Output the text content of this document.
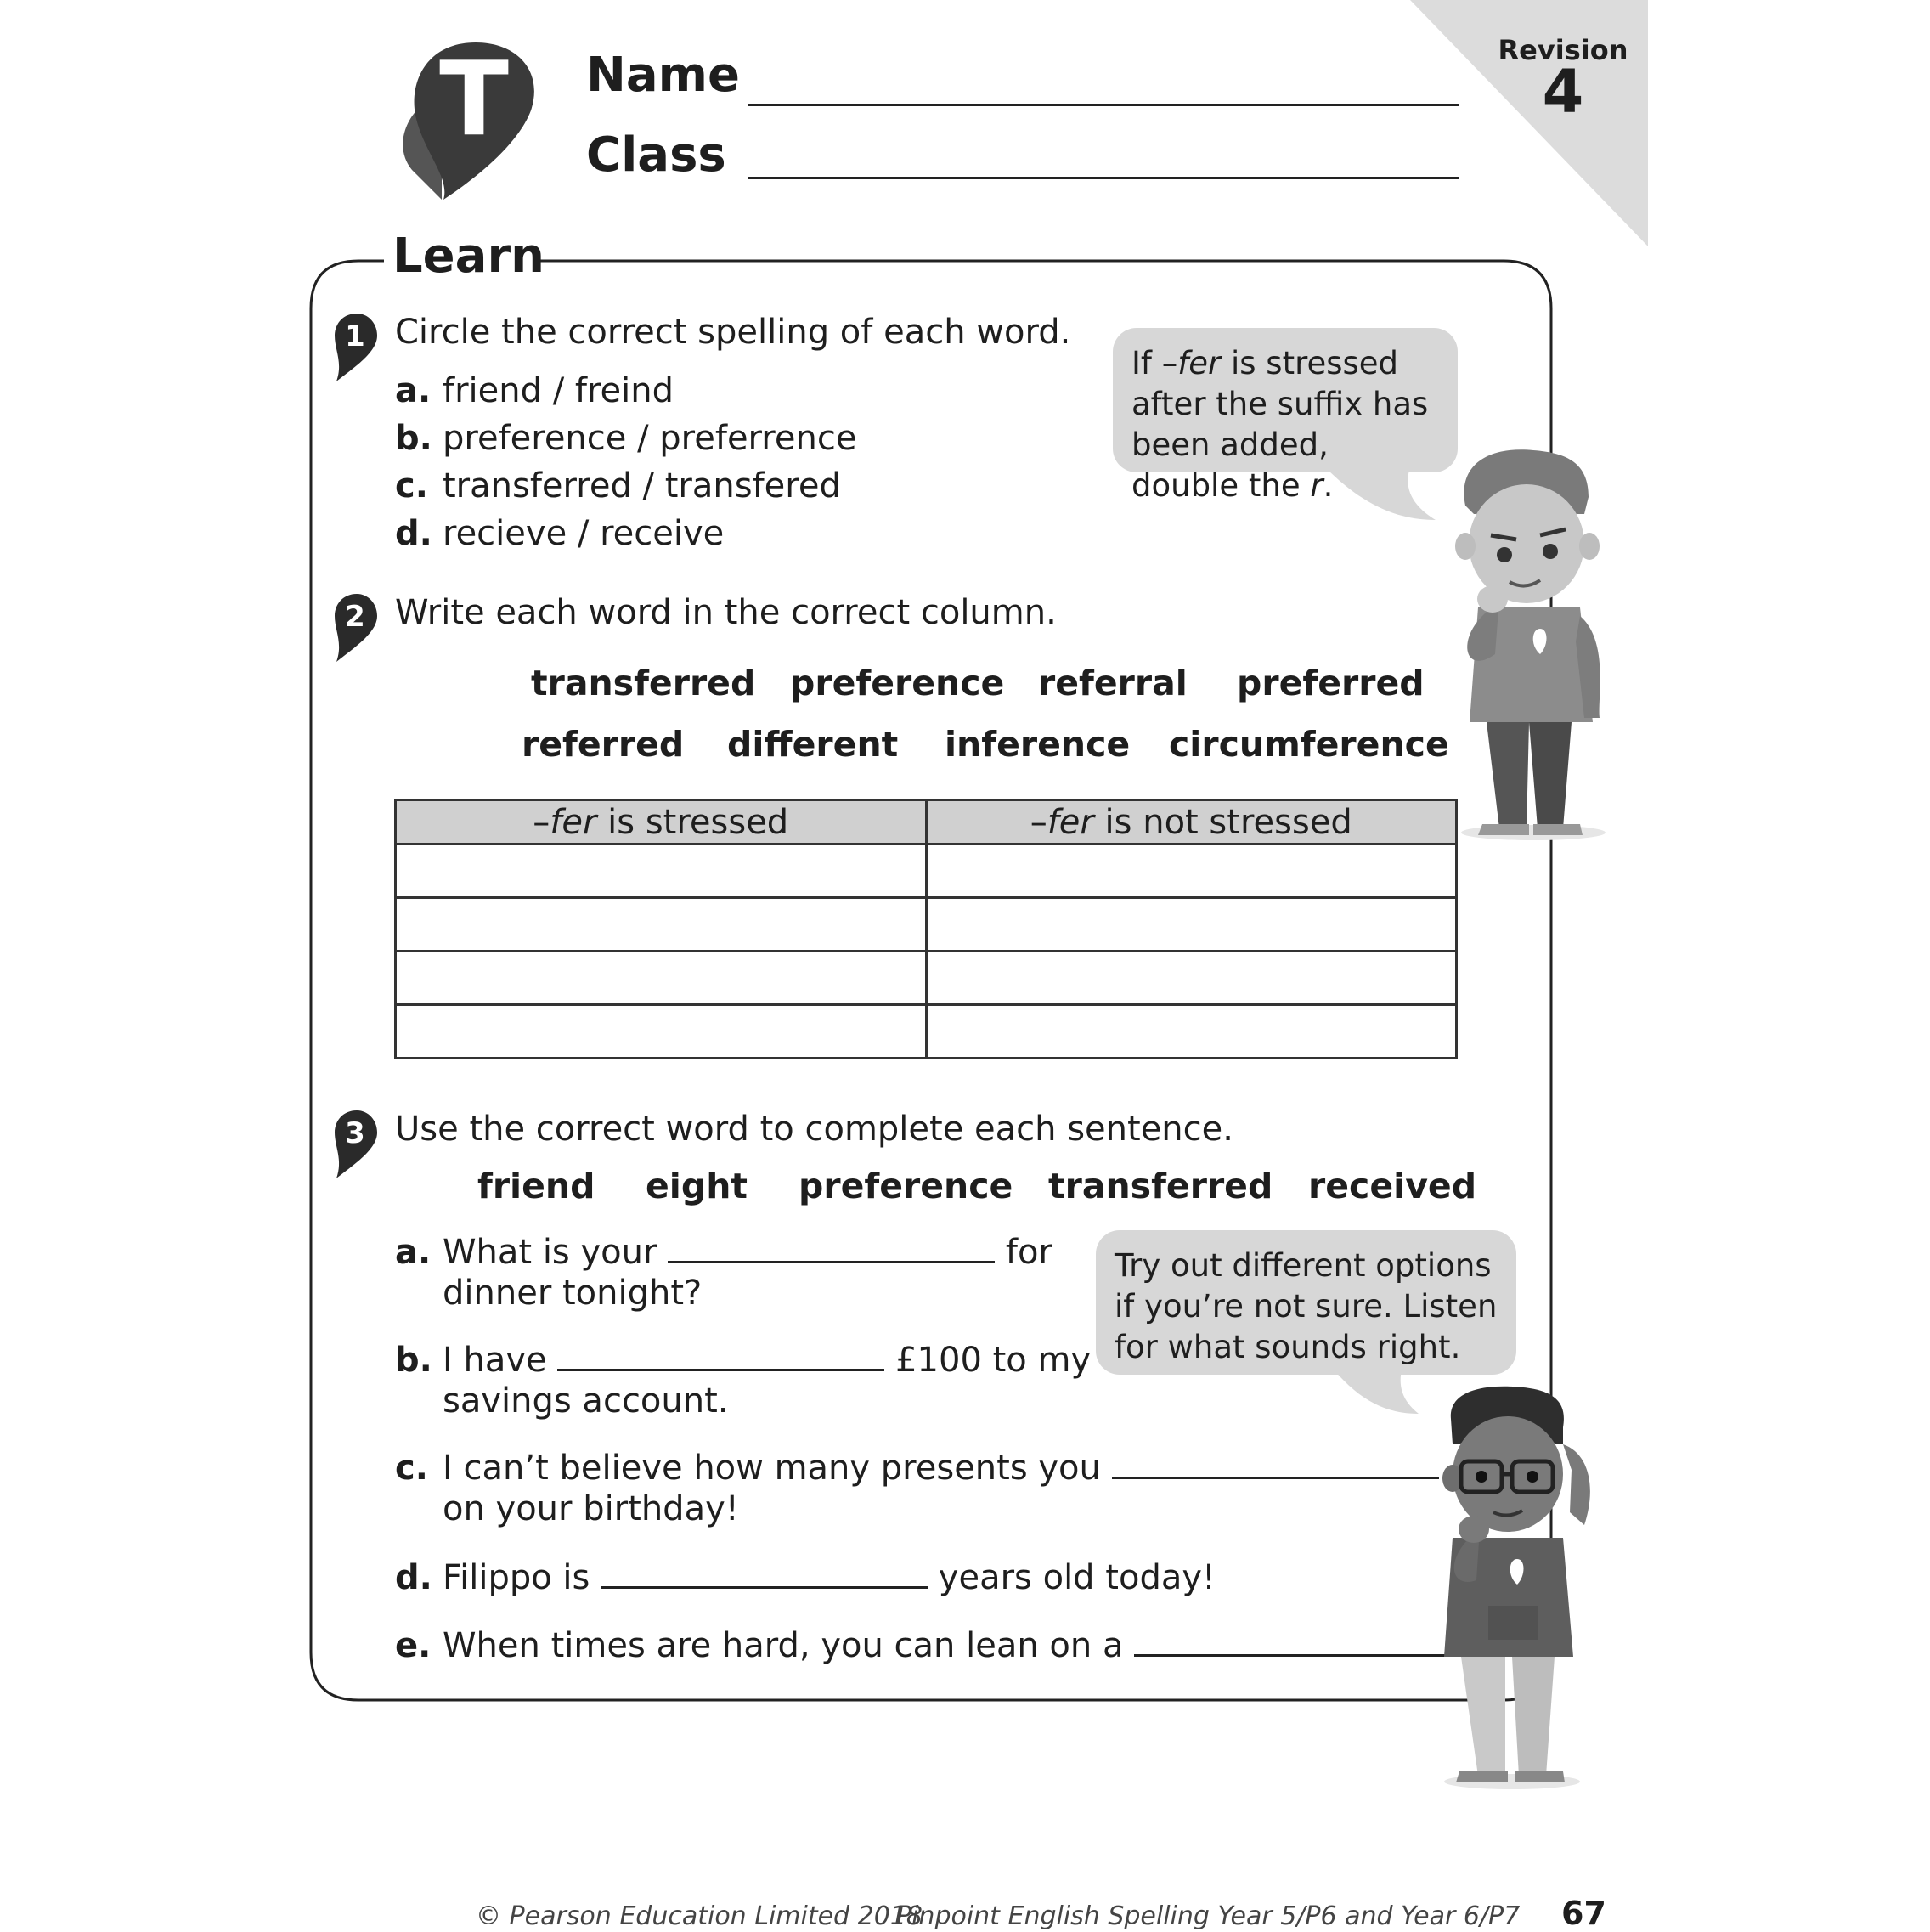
Revision
4
T Name
Class
Learn
1 Circle the correct spelling of each word.
a. friend / freind
b. preference / preferrence
c. transferred / transfered
d. recieve / receive
If –fer is stressed after the suffix has been added, double the r.
2 Write each word in the correct column.
transferred preference referral preferred
referred different inference circumference
–fer is stressed	–fer is not stressed

3 Use the correct word to complete each sentence.
friend eight preference transferred received
a. What is your	for
dinner tonight?
b. I have	£100 to my
savings account.
c. I can’t believe how many presents you
on your birthday!
d. Filippo is	years old today!
e. When times are hard, you can lean on a
Try out different options if you’re not sure. Listen for what sounds right.
© Pearson Education Limited 2018
Pinpoint English Spelling Year 5/P6 and Year 6/P7 67
